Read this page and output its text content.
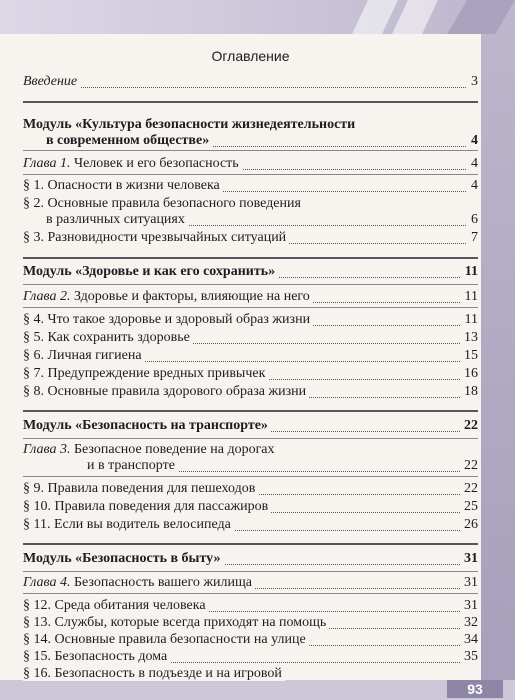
93
Оглавление
Введение	3
Модуль «Культура безопасности жизнедеятельности
в современном обществе»	4
Глава 1. Человек и его безопасность	4
§ 1. Опасности в жизни человека	4
§ 2. Основные правила безопасного поведения
в различных ситуациях	6
§ 3. Разновидности чрезвычайных ситуаций	7
Модуль «Здоровье и как его сохранить»	11
Глава 2. Здоровье и факторы, влияющие на него	11
§ 4. Что такое здоровье и здоровый образ жизни	11
§ 5. Как сохранить здоровье	13
§ 6. Личная гигиена	15
§ 7. Предупреждение вредных привычек	16
§ 8. Основные правила здорового образа жизни	18
Модуль «Безопасность на транспорте»	22
Глава 3. Безопасное поведение на дорогах
и в транспорте	22
§ 9. Правила поведения для пешеходов	22
§ 10. Правила поведения для пассажиров	25
§ 11. Если вы водитель велосипеда	26
Модуль «Безопасность в быту»	31
Глава 4. Безопасность вашего жилища	31
§ 12. Среда обитания человека	31
§ 13. Службы, которые всегда приходят на помощь	32
§ 14. Основные правила безопасности на улице	34
§ 15. Безопасность дома	35
§ 16. Безопасность в подъезде и на игровой
